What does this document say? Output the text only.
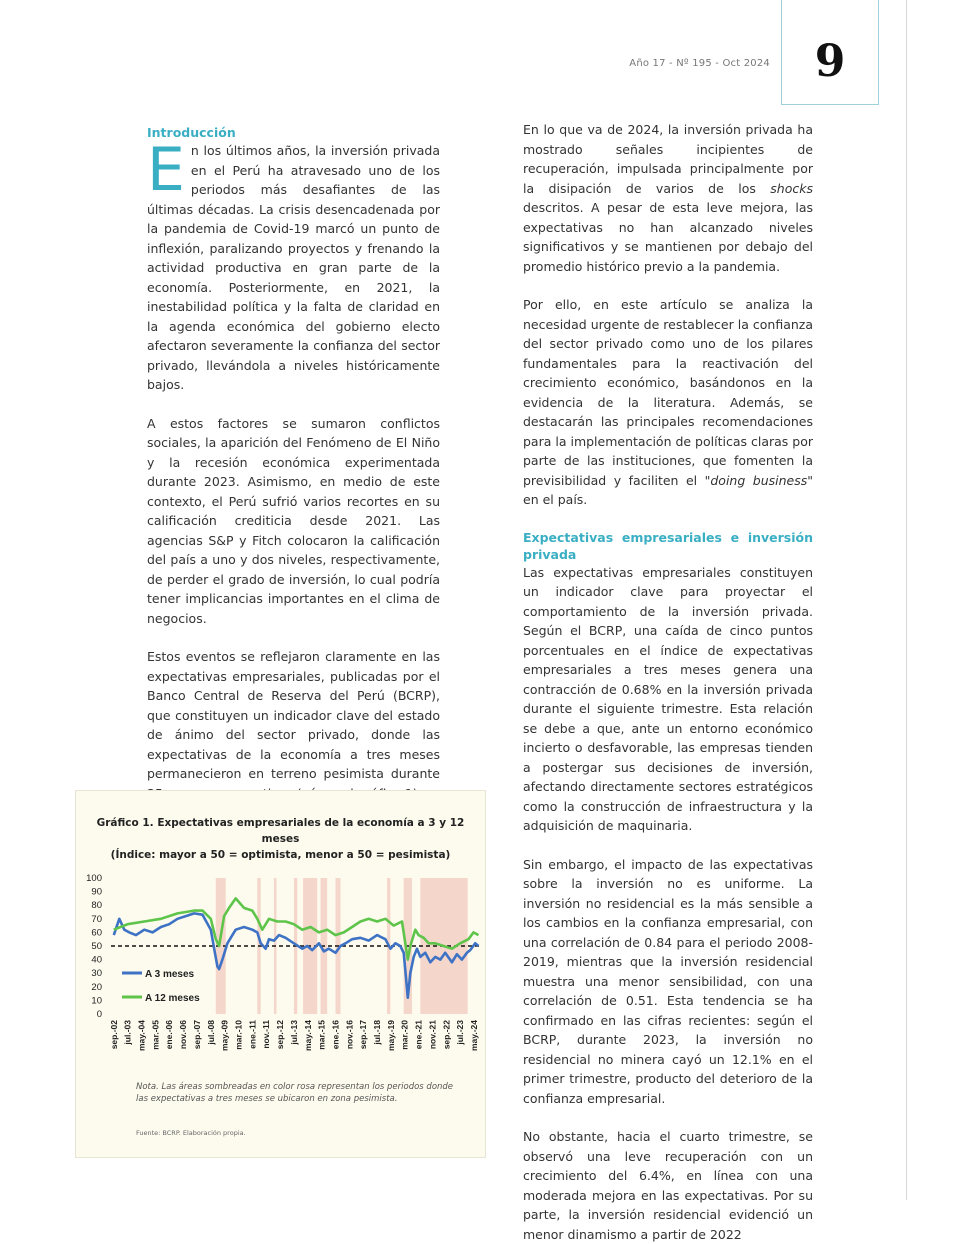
Año 17 - Nº 195 - Oct 2024	9
Introducción

En los últimos años, la inversión privada en el Perú ha atravesado uno de los periodos más desafiantes de las últimas décadas. La crisis desencadenada por la pandemia de Covid-19 marcó un punto de inflexión, paralizando proyectos y frenando la actividad productiva en gran parte de la economía. Posteriormente, en 2021, la inestabilidad política y la falta de claridad en la agenda económica del gobierno electo afectaron severamente la confianza del sector privado, llevándola a niveles históricamente bajos.

A estos factores se sumaron conflictos sociales, la aparición del Fenómeno de El Niño y la recesión económica experimentada durante 2023. Asimismo, en medio de este contexto, el Perú sufrió varios recortes en su calificación crediticia desde 2021. Las agencias S&P y Fitch colocaron la calificación del país a uno y dos niveles, respectivamente, de perder el grado de inversión, lo cual podría tener implicancias importantes en el clima de negocios.

Estos eventos se reflejaron claramente en las expectativas empresariales, publicadas por el Banco Central de Reserva del Perú (BCRP), que constituyen un indicador clave del estado de ánimo del sector privado, donde las expectativas de la economía a tres meses permanecieron en terreno pesimista durante

En lo que va de 2024, la inversión privada ha mostrado señales incipientes de recuperación, impulsada principalmente por la disipación de varios de los shocks descritos. A pesar de esta leve mejora, las expectativas no han alcanzado niveles significativos y se mantienen por debajo del promedio histórico previo a la pandemia.

Por ello, en este artículo se analiza la necesidad urgente de restablecer la confianza del sector privado como uno de los pilares fundamentales para la reactivación del crecimiento económico, basándonos en la evidencia de la literatura. Además, se destacarán las principales recomendaciones para la implementación de políticas claras por parte de las instituciones, que fomenten la previsibilidad y faciliten el "doing business" en el país.

Expectativas empresariales e inversión privada

Las expectativas empresariales constituyen un indicador clave para proyectar el comportamiento de la inversión privada. Según el BCRP, una caída de cinco puntos porcentuales en el índice de expectativas empresariales a tres meses genera una contracción de 0.68% en la inversión privada durante el siguiente trimestre. Esta relación se debe a que, ante un entorno económico incierto o desfavorable, las empresas tienden a postergar sus decisiones de inversión, afectando directamente sectores estratégicos como la construcción de infraestructura y la adquisición de maquinaria.

Sin embargo, el impacto de las expectativas sobre la inversión no es uniforme. La inversión no residencial es la más sensible a los cambios en la confianza empresarial, con una correlación de 0.84 para el periodo 2008-2019, mientras que la inversión residencial muestra una menor sensibilidad, con una correlación de 0.51. Esta tendencia se ha confirmado en las cifras recientes: según el BCRP, durante 2023, la inversión no residencial no minera cayó un 12.1% en el primer trimestre, producto del deterioro de la confianza empresarial.

No obstante, hacia el cuarto trimestre, se observó una leve recuperación con un crecimiento del 6.4%, en línea con una moderada mejora en las expectativas. Por su parte, la inversión residencial evidenció un menor dinamismo a partir de 2022

Gráfico 1. Expectativas empresariales de la economía a 3 y 12 meses
(Índice: mayor a 50 = optimista, menor a 50 = pesimista)
0
10
20
30
40
50
60
70
80
90
100
sep.-02 jul.-03 may.-04 mar.-05 ene.-06 nov.-06 sep.-07 jul.-08 may.-09 mar.-10 ene.-11 nov.-11 sep.-12 jul.-13 may.-14 mar.-15 ene.-16 nov.-16 sep.-17 jul.-18 may.-19 mar.-20 ene.-21 nov.-21 sep.-22 jul.-23 may.-24
A 3 meses
A 12 meses
Nota. Las áreas sombreadas en color rosa representan los periodos donde las expectativas a tres meses se ubicaron en zona pesimista.
Fuente: BCRP. Elaboración propia.
